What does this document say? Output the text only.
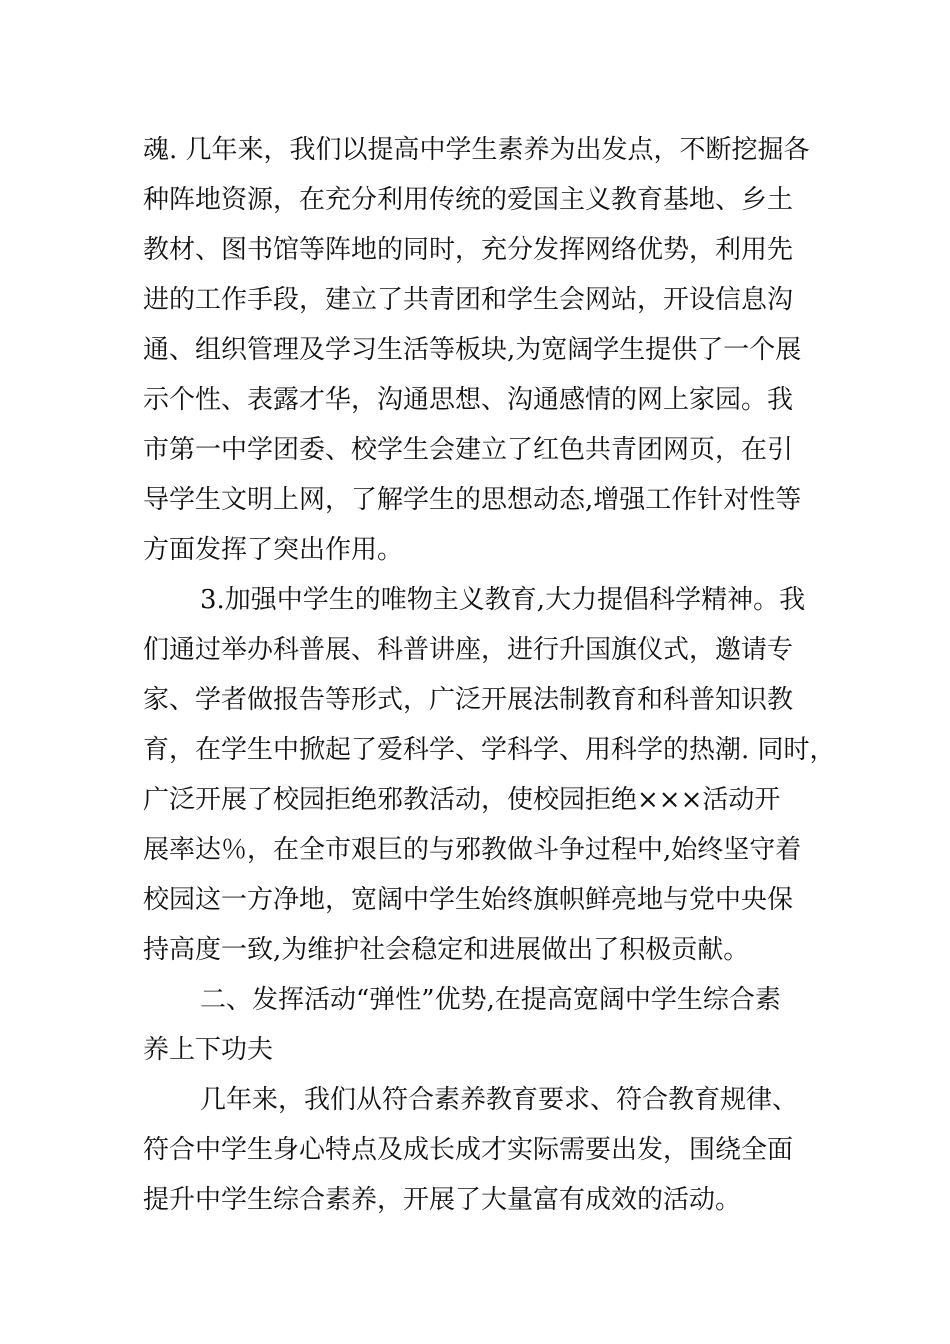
魂. 几年来，我们以提高中学生素养为出发点，不断挖掘各
种阵地资源，在充分利用传统的爱国主义教育基地、乡土
教材、图书馆等阵地的同时，充分发挥网络优势，利用先
进的工作手段，建立了共青团和学生会网站，开设信息沟
通、组织管理及学习生活等板块,为宽阔学生提供了一个展
示个性、表露才华，沟通思想、沟通感情的网上家园。我
市第一中学团委、校学生会建立了红色共青团网页，在引
导学生文明上网，了解学生的思想动态,增强工作针对性等
方面发挥了突出作用。
3.加强中学生的唯物主义教育,大力提倡科学精神。我
们通过举办科普展、科普讲座，进行升国旗仪式，邀请专
家、学者做报告等形式，广泛开展法制教育和科普知识教
育，在学生中掀起了爱科学、学科学、用科学的热潮. 同时，
广泛开展了校园拒绝邪教活动，使校园拒绝×××活动开
展率达％，在全市艰巨的与邪教做斗争过程中,始终坚守着
校园这一方净地，宽阔中学生始终旗帜鲜亮地与党中央保
持高度一致,为维护社会稳定和进展做出了积极贡献。
二、发挥活动“弹性”优势,在提高宽阔中学生综合素
养上下功夫
几年来，我们从符合素养教育要求、符合教育规律、
符合中学生身心特点及成长成才实际需要出发，围绕全面
提升中学生综合素养，开展了大量富有成效的活动。
